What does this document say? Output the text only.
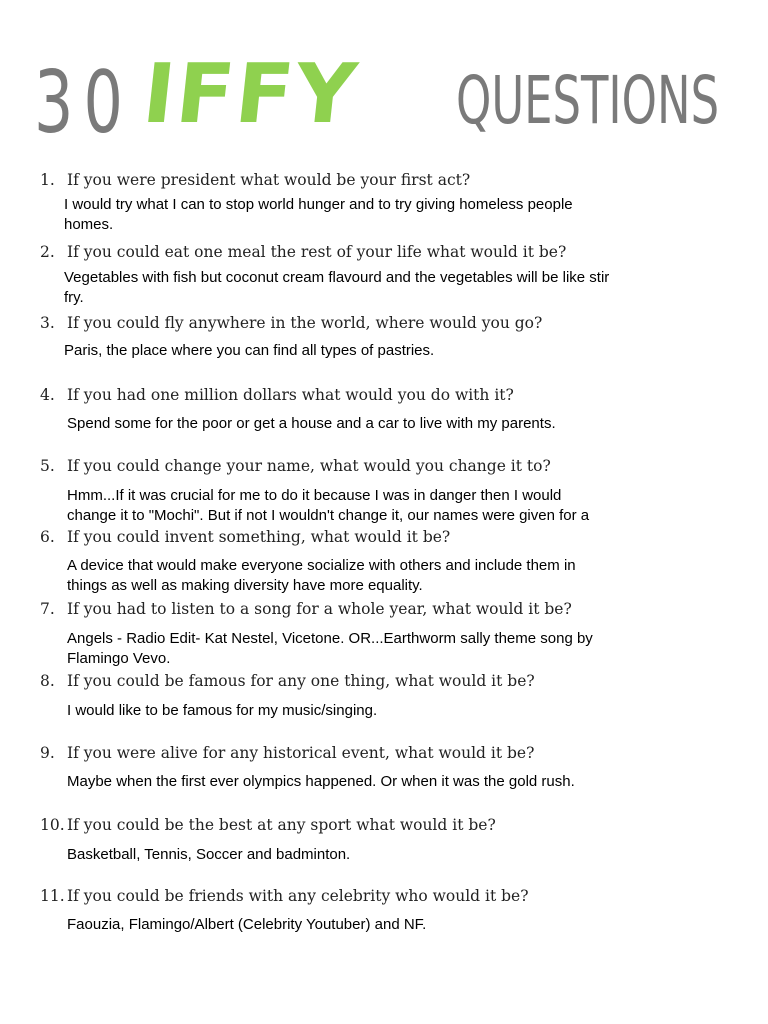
30 IFFY QUESTIONS
1. If you were president what would be your first act?
I would try what I can to stop world hunger and to try giving homeless people
homes.
2. If you could eat one meal the rest of your life what would it be?
Vegetables with fish but coconut cream flavourd and the vegetables will be like stir
fry.
3. If you could fly anywhere in the world, where would you go?
Paris, the place where you can find all types of pastries.
4. If you had one million dollars what would you do with it?
Spend some for the poor or get a house and a car to live with my parents.
5. If you could change your name, what would you change it to?
Hmm...If it was crucial for me to do it because I was in danger then I would
change it to "Mochi". But if not I wouldn't change it, our names were given for a
6. If you could invent something, what would it be?
A device that would make everyone socialize with others and include them in
things as well as making diversity have more equality.
7. If you had to listen to a song for a whole year, what would it be?
Angels - Radio Edit- Kat Nestel, Vicetone. OR...Earthworm sally theme song by
Flamingo Vevo.
8. If you could be famous for any one thing, what would it be?
I would like to be famous for my music/singing.
9. If you were alive for any historical event, what would it be?
Maybe when the first ever olympics happened. Or when it was the gold rush.
10. If you could be the best at any sport what would it be?
Basketball, Tennis, Soccer and badminton.
11. If you could be friends with any celebrity who would it be?
Faouzia, Flamingo/Albert (Celebrity Youtuber) and NF.
